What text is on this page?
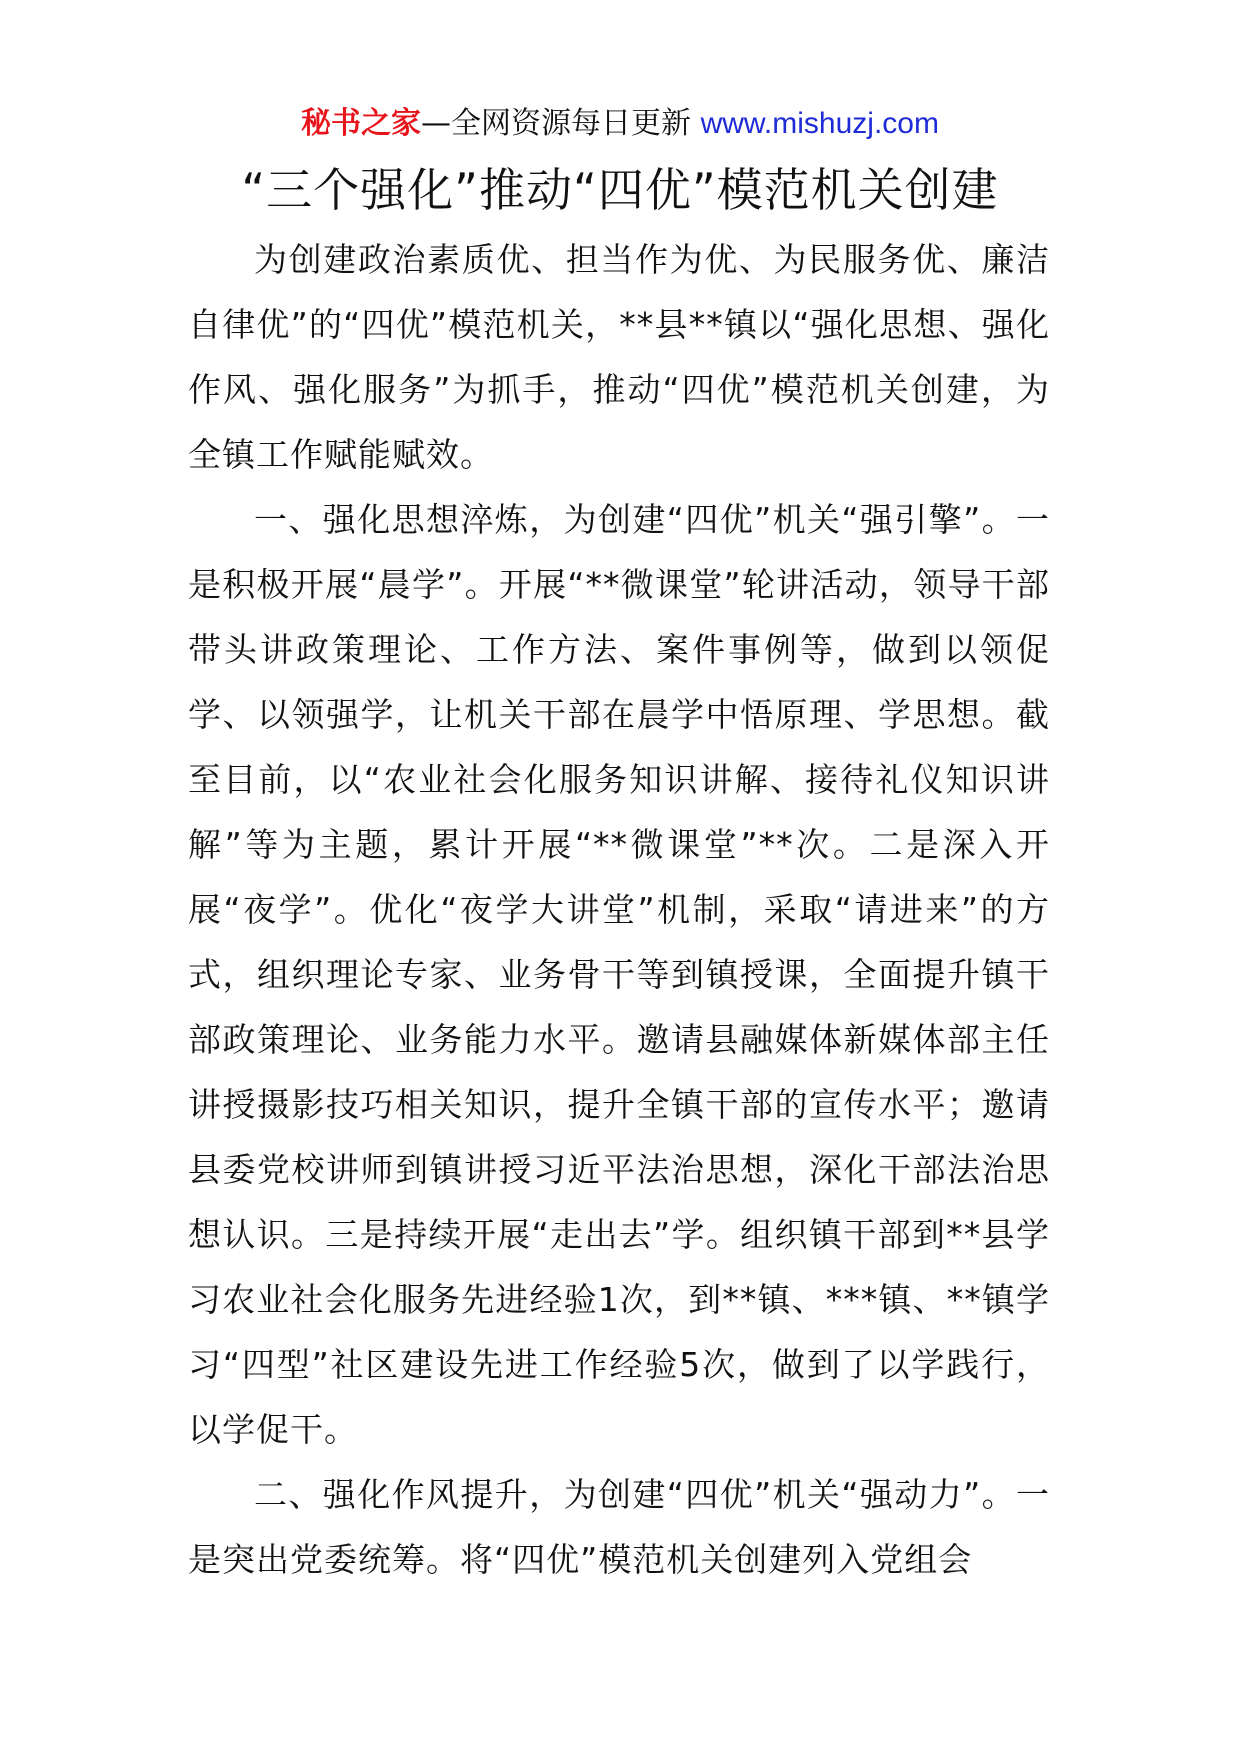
秘书之家—全网资源每日更新 www.mishuzj.com
“三个强化”推动“四优”模范机关创建

为创建政治素质优、担当作为优、为民服务优、廉洁自律优”的“四优”模范机关，**县**镇以“强化思想、强化作风、强化服务”为抓手，推动“四优”模范机关创建，为全镇工作赋能赋效。

一、强化思想淬炼，为创建“四优”机关“强引擎”。一是积极开展“晨学”。开展“**微课堂”轮讲活动，领导干部带头讲政策理论、工作方法、案件事例等，做到以领促学、以领强学，让机关干部在晨学中悟原理、学思想。截至目前，以“农业社会化服务知识讲解、接待礼仪知识讲解”等为主题，累计开展“**微课堂”**次。二是深入开展“夜学”。优化“夜学大讲堂”机制，采取“请进来”的方式，组织理论专家、业务骨干等到镇授课，全面提升镇干部政策理论、业务能力水平。邀请县融媒体新媒体部主任讲授摄影技巧相关知识，提升全镇干部的宣传水平；邀请县委党校讲师到镇讲授习近平法治思想，深化干部法治思想认识。三是持续开展“走出去”学。组织镇干部到**县学习农业社会化服务先进经验1次，到**镇、***镇、**镇学习“四型”社区建设先进工作经验5次，做到了以学践行，以学促干。

二、强化作风提升，为创建“四优”机关“强动力”。一是突出党委统筹。将“四优”模范机关创建列入党组会
